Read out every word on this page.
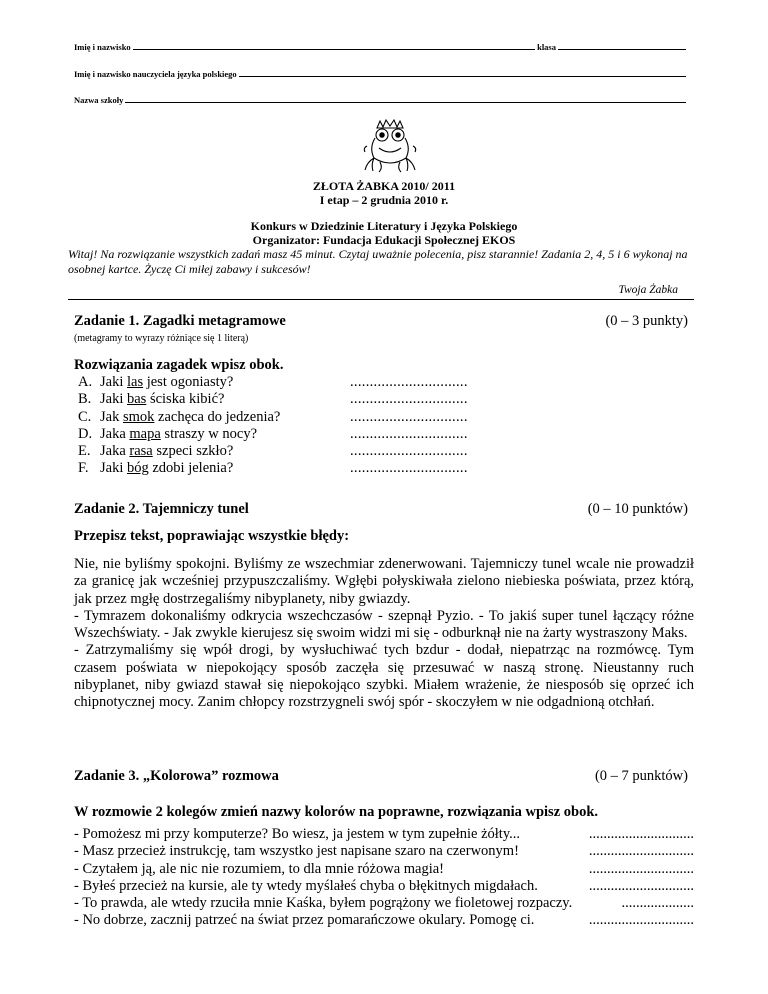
Imię i nazwisko	klasa
Imię i nazwisko nauczyciela języka polskiego
Nazwa szkoły
ZŁOTA ŻABKA 2010/ 2011
I etap – 2 grudnia 2010 r.
Konkurs w Dziedzinie Literatury i Języka Polskiego
Organizator: Fundacja Edukacji Społecznej EKOS
Witaj! Na rozwiązanie wszystkich zadań masz 45 minut. Czytaj uważnie polecenia, pisz starannie! Zadania 2, 4, 5 i 6 wykonaj na osobnej kartce. Życzę Ci miłej zabawy i sukcesów!
Twoja Żabka
Zadanie 1. Zagadki metagramowe	(0 – 3 punkty)
(metagramy to wyrazy różniące się 1 literą)
Rozwiązania zagadek wpisz obok.
A. Jaki las jest ogoniasty?	..............................
B. Jaki bas ściska kibić?	..............................
C. Jak smok zachęca do jedzenia?	..............................
D. Jaka mapa straszy w nocy?	..............................
E. Jaka rasa szpeci szkło?	..............................
F. Jaki bóg zdobi jelenia?	..............................
Zadanie 2. Tajemniczy tunel	(0 – 10 punktów)
Przepisz tekst, poprawiając wszystkie błędy:

Nie, nie byliśmy spokojni. Byliśmy ze wszechmiar zdenerwowani. Tajemniczy tunel wcale nie prowadził za granicę jak wcześniej przypuszczaliśmy. Wgłębi połyskiwała zielono niebieska poświata, przez którą, jak przez mgłę dostrzegaliśmy nibyplanety, niby gwiazdy.

- Tymrazem dokonaliśmy odkrycia wszechczasów - szepnął Pyzio. - To jakiś super tunel łączący różne Wszechświaty. - Jak zwykle kierujesz się swoim widzi mi się - odburknął nie na żarty wystraszony Maks.

- Zatrzymaliśmy się wpół drogi, by wysłuchiwać tych bzdur - dodał, niepatrząc na rozmówcę. Tym czasem poświata w niepokojący sposób zaczęła się przesuwać w naszą stronę. Nieustanny ruch nibyplanet, niby gwiazd stawał się niepokojąco szybki. Miałem wrażenie, że niesposób się oprzeć ich chipnotycznej mocy. Zanim chłopcy rozstrzygneli swój spór - skoczyłem w nie odgadnioną otchłań.

Zadanie 3. „Kolorowa” rozmowa	(0 – 7 punktów)
W rozmowie 2 kolegów zmień nazwy kolorów na poprawne, rozwiązania wpisz obok.
- Pomożesz mi przy komputerze? Bo wiesz, ja jestem w tym zupełnie żółty...	.............................
- Masz przecież instrukcję, tam wszystko jest napisane szaro na czerwonym!	.............................
- Czytałem ją, ale nic nie rozumiem, to dla mnie różowa magia!	.............................
- Byłeś przecież na kursie, ale ty wtedy myślałeś chyba o błękitnych migdałach.	.............................
- To prawda, ale wtedy rzuciła mnie Kaśka, byłem pogrążony we fioletowej rozpaczy.	....................
- No dobrze, zacznij patrzeć na świat przez pomarańczowe okulary. Pomogę ci.	.............................
